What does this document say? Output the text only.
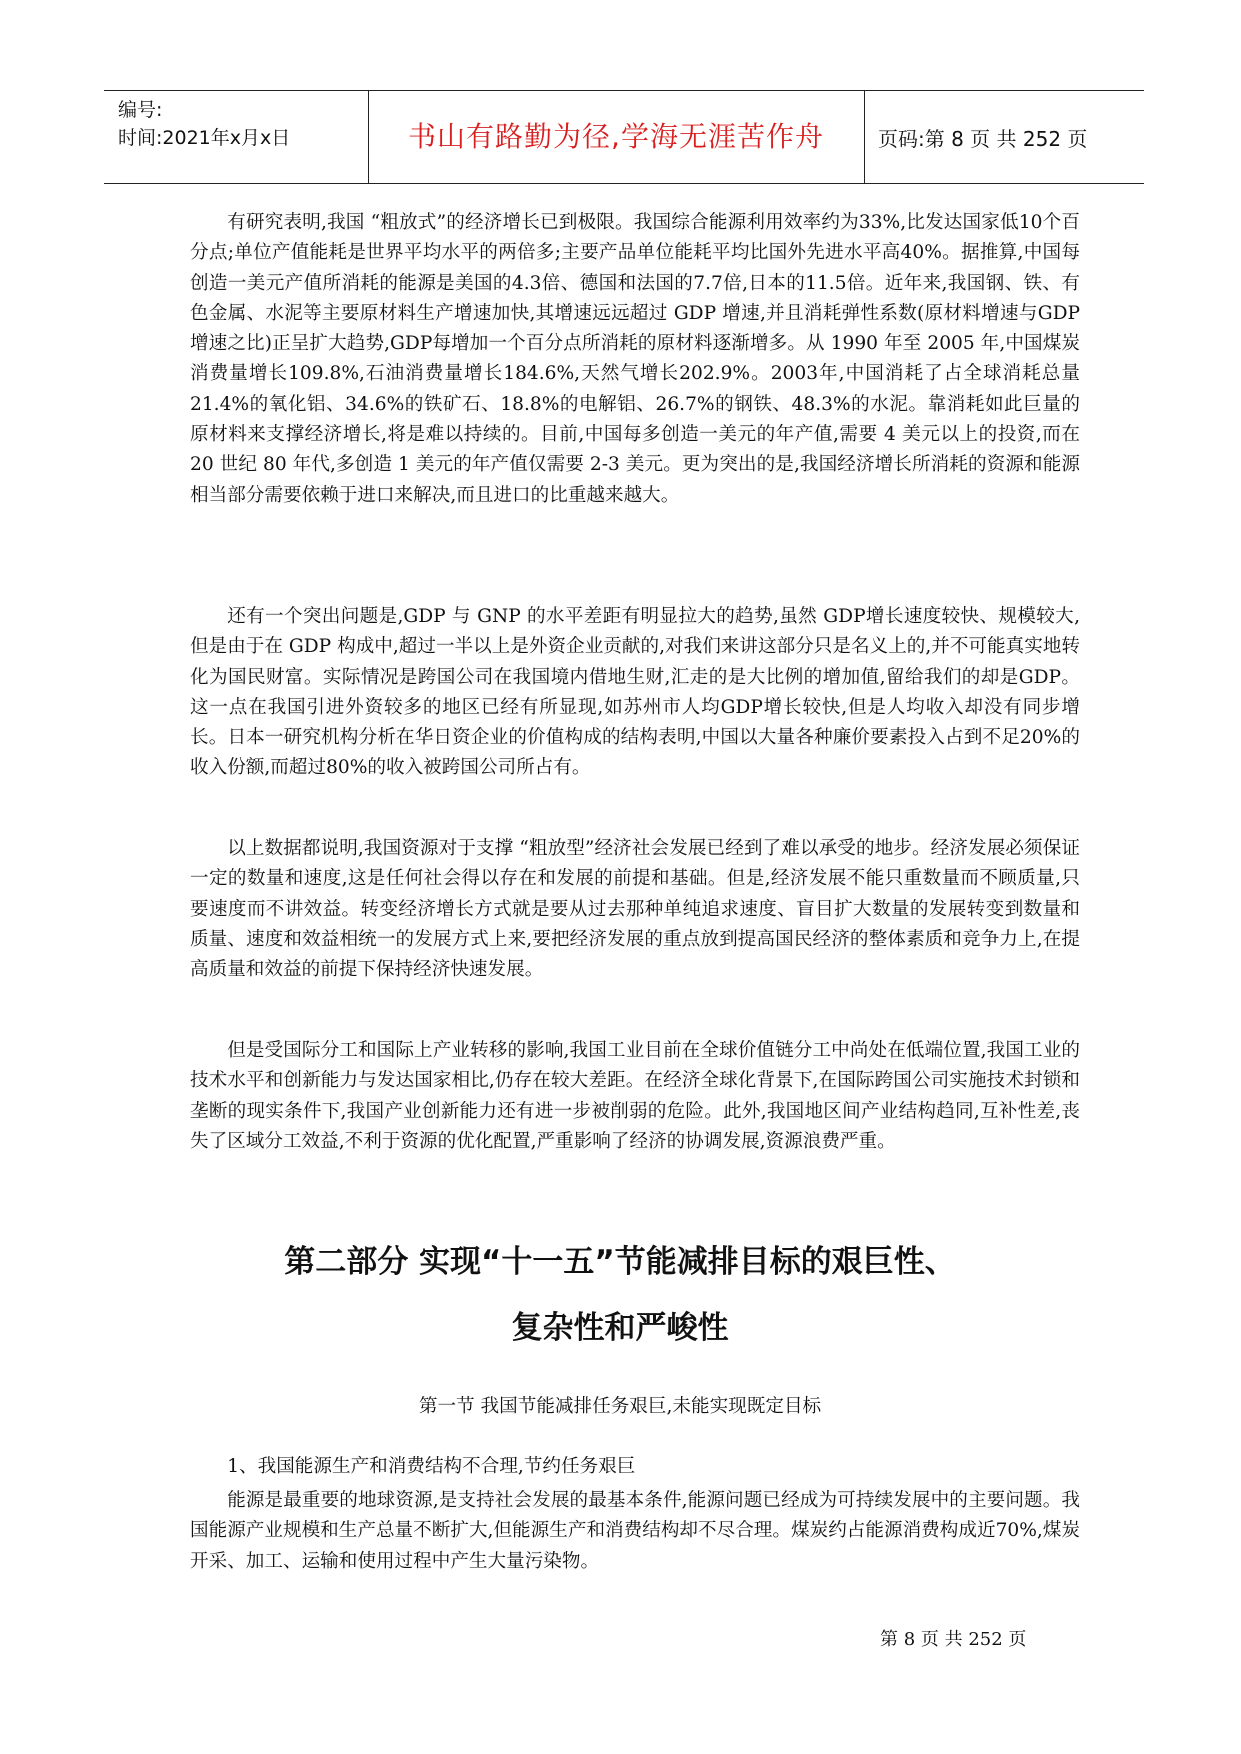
编号:
时间:2021年x月x日	书山有路勤为径,学海无涯苦作舟	页码:第 8 页 共 252 页

有研究表明,我国 “粗放式”的经济增长已到极限。我国综合能源利用效率约为33%,比发达国家低10个百分点;单位产值能耗是世界平均水平的两倍多;主要产品单位能耗平均比国外先进水平高40%。据推算,中国每创造一美元产值所消耗的能源是美国的4.3倍、德国和法国的7.7倍,日本的11.5倍。近年来,我国钢、铁、有色金属、水泥等主要原材料生产增速加快,其增速远远超过 GDP 增速,并且消耗弹性系数(原材料增速与GDP增速之比)正呈扩大趋势,GDP每增加一个百分点所消耗的原材料逐渐增多。从 1990 年至 2005 年,中国煤炭消费量增长109.8%,石油消费量增长184.6%,天然气增长202.9%。2003年,中国消耗了占全球消耗总量21.4%的氧化铝、34.6%的铁矿石、18.8%的电解铝、26.7%的钢铁、48.3%的水泥。靠消耗如此巨量的原材料来支撑经济增长,将是难以持续的。目前,中国每多创造一美元的年产值,需要 4 美元以上的投资,而在 20 世纪 80 年代,多创造 1 美元的年产值仅需要 2-3 美元。更为突出的是,我国经济增长所消耗的资源和能源相当部分需要依赖于进口来解决,而且进口的比重越来越大。

还有一个突出问题是,GDP 与 GNP 的水平差距有明显拉大的趋势,虽然 GDP增长速度较快、规模较大,但是由于在 GDP 构成中,超过一半以上是外资企业贡献的,对我们来讲这部分只是名义上的,并不可能真实地转化为国民财富。实际情况是跨国公司在我国境内借地生财,汇走的是大比例的增加值,留给我们的却是GDP。这一点在我国引进外资较多的地区已经有所显现,如苏州市人均GDP增长较快,但是人均收入却没有同步增长。日本一研究机构分析在华日资企业的价值构成的结构表明,中国以大量各种廉价要素投入占到不足20%的收入份额,而超过80%的收入被跨国公司所占有。

以上数据都说明,我国资源对于支撑 “粗放型”经济社会发展已经到了难以承受的地步。经济发展必须保证一定的数量和速度,这是任何社会得以存在和发展的前提和基础。但是,经济发展不能只重数量而不顾质量,只要速度而不讲效益。转变经济增长方式就是要从过去那种单纯追求速度、盲目扩大数量的发展转变到数量和质量、速度和效益相统一的发展方式上来,要把经济发展的重点放到提高国民经济的整体素质和竞争力上,在提高质量和效益的前提下保持经济快速发展。

但是受国际分工和国际上产业转移的影响,我国工业目前在全球价值链分工中尚处在低端位置,我国工业的技术水平和创新能力与发达国家相比,仍存在较大差距。在经济全球化背景下,在国际跨国公司实施技术封锁和垄断的现实条件下,我国产业创新能力还有进一步被削弱的危险。此外,我国地区间产业结构趋同,互补性差,丧失了区域分工效益,不利于资源的优化配置,严重影响了经济的协调发展,资源浪费严重。

第二部分 实现“十一五”节能减排目标的艰巨性、
复杂性和严峻性
第一节 我国节能减排任务艰巨,未能实现既定目标
1、我国能源生产和消费结构不合理,节约任务艰巨

能源是最重要的地球资源,是支持社会发展的最基本条件,能源问题已经成为可持续发展中的主要问题。我国能源产业规模和生产总量不断扩大,但能源生产和消费结构却不尽合理。煤炭约占能源消费构成近70%,煤炭开采、加工、运输和使用过程中产生大量污染物。

第 8 页 共 252 页
